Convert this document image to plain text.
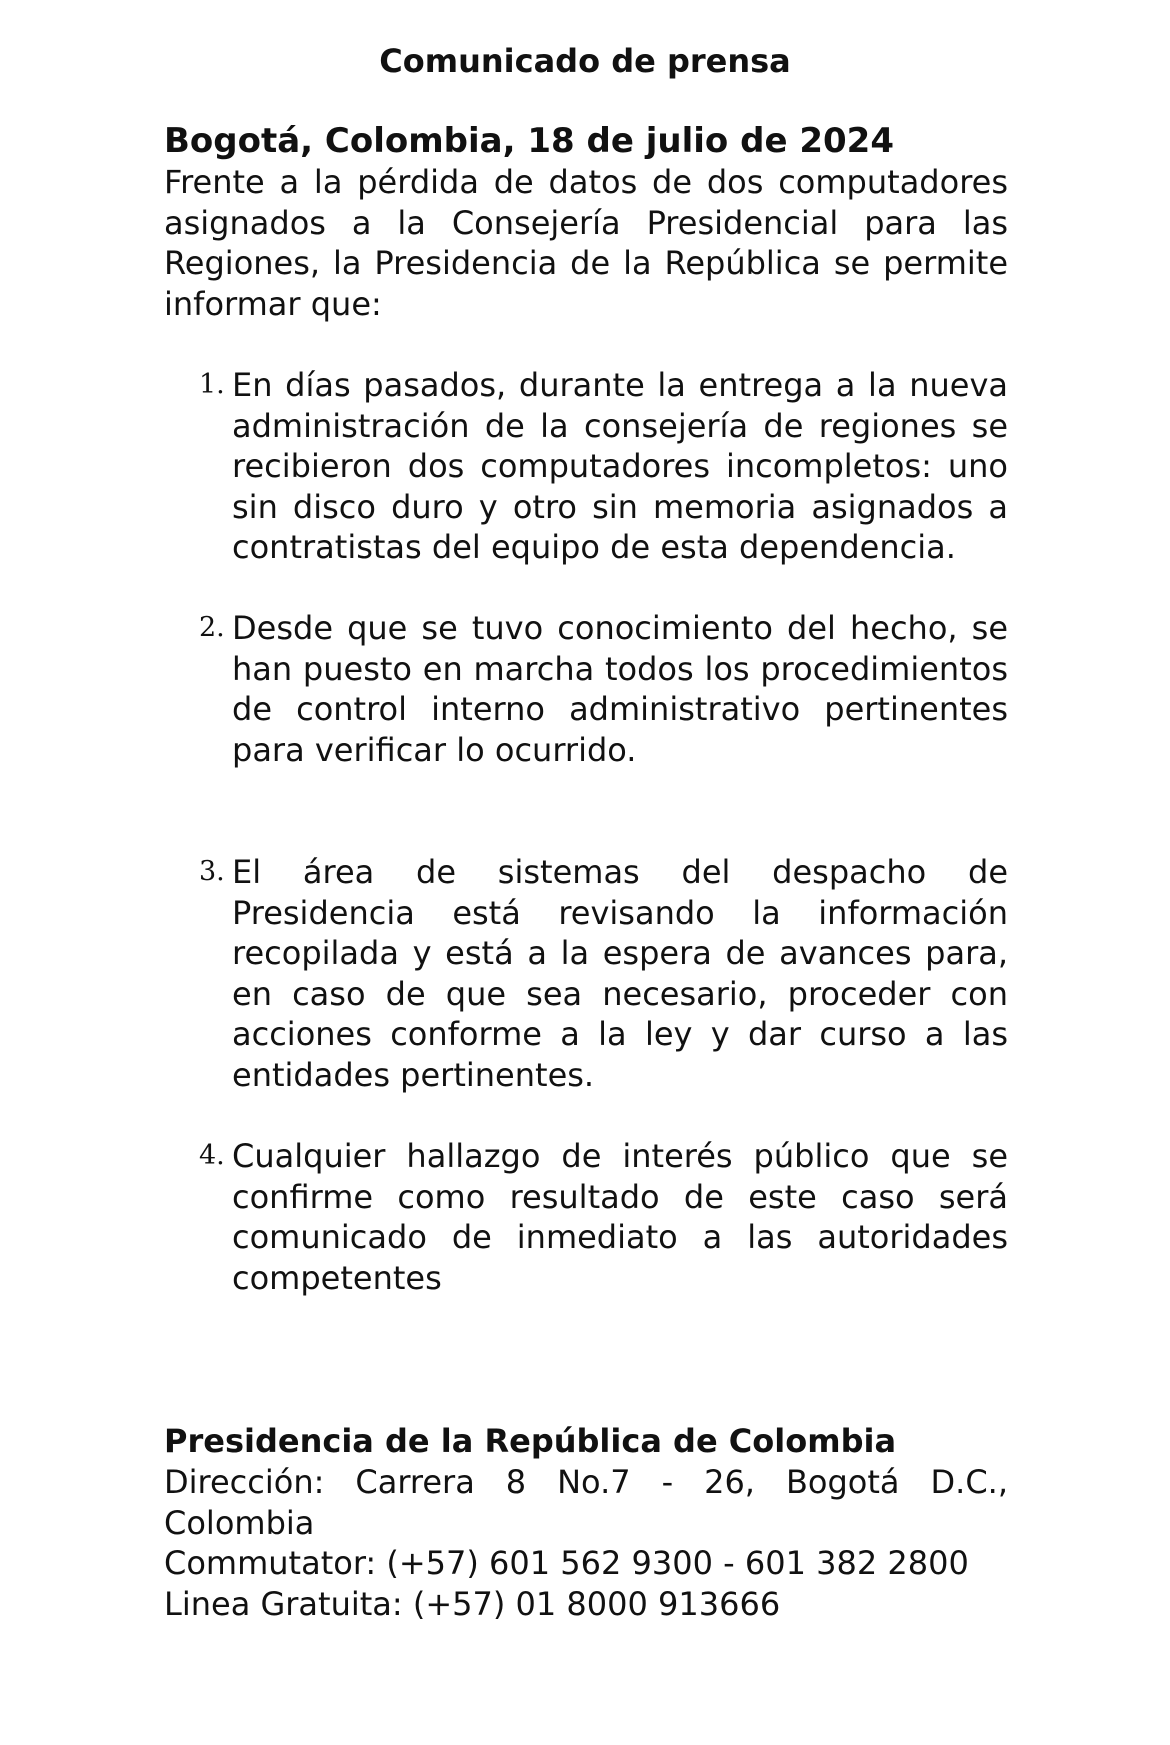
Comunicado de prensa
Bogotá, Colombia, 18 de julio de 2024
Frente a la pérdida de datos de dos computadores asignados a la Consejería Presidencial para las Regiones, la Presidencia de la República se permite informar que:
1. En días pasados, durante la entrega a la nueva administración de la consejería de regiones se recibieron dos computadores incompletos: uno sin disco duro y otro sin memoria asignados a contratistas del equipo de esta dependencia.
2. Desde que se tuvo conocimiento del hecho, se han puesto en marcha todos los procedimientos de control interno administrativo pertinentes para verificar lo ocurrido.
3. El área de sistemas del despacho de Presidencia está revisando la información recopilada y está a la espera de avances para, en caso de que sea necesario, proceder con acciones conforme a la ley y dar curso a las entidades pertinentes.
4. Cualquier hallazgo de interés público que se confirme como resultado de este caso será comunicado de inmediato a las autoridades competentes
Presidencia de la República de Colombia
Dirección: Carrera 8 No.7 - 26, Bogotá D.C., Colombia
Commutator: (+57) 601 562 9300 - 601 382 2800
Linea Gratuita: (+57) 01 8000 913666
